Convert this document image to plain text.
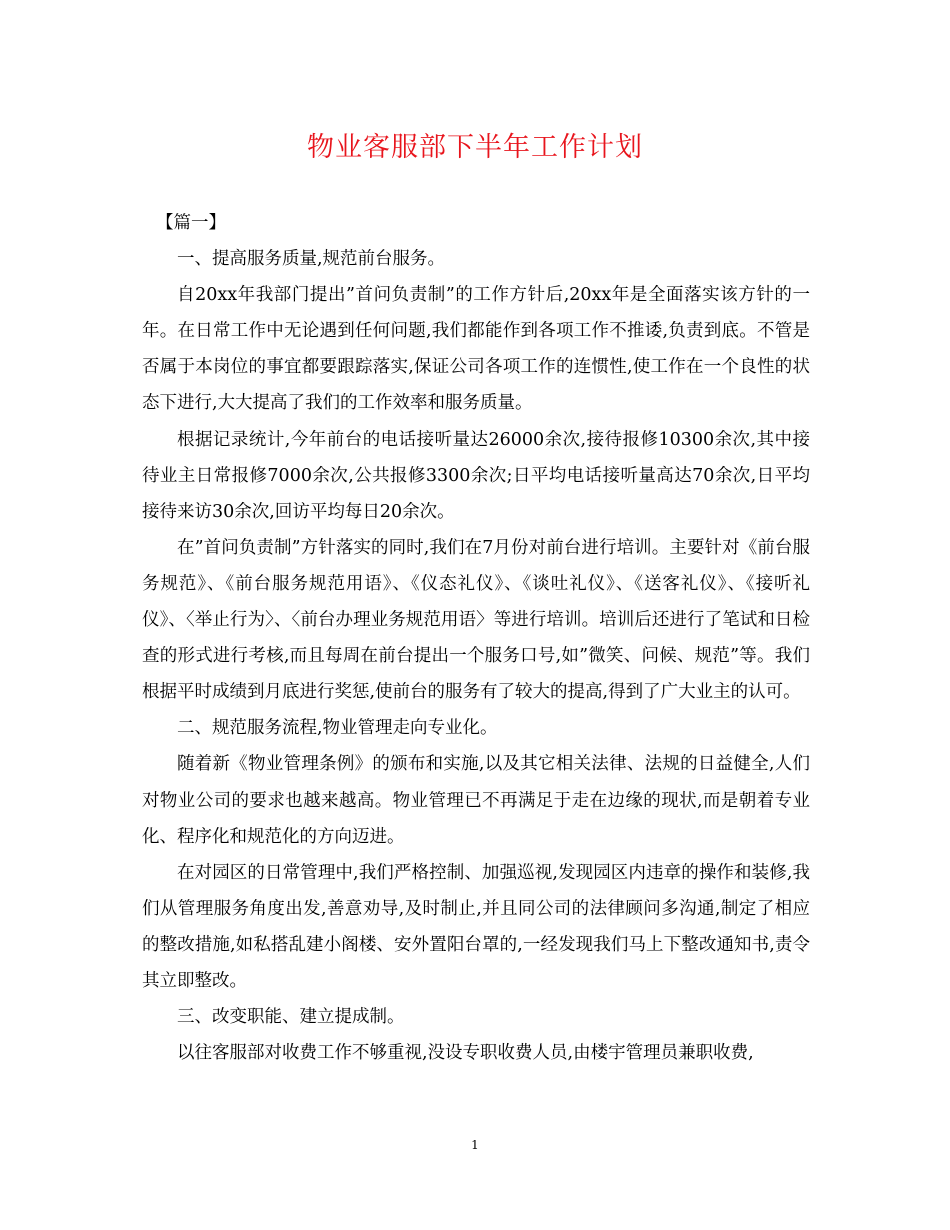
物业客服部下半年工作计划

【篇一】

一、提高服务质量,规范前台服务。

自20xx年我部门提出”首问负责制”的工作方针后,20xx年是全面落实该方针的一年。在日常工作中无论遇到任何问题,我们都能作到各项工作不推诿,负责到底。不管是否属于本岗位的事宜都要跟踪落实,保证公司各项工作的连惯性,使工作在一个良性的状态下进行,大大提高了我们的工作效率和服务质量。

根据记录统计,今年前台的电话接听量达26000余次,接待报修10300余次,其中接待业主日常报修7000余次,公共报修3300余次;日平均电话接听量高达70余次,日平均接待来访30余次,回访平均每日20余次。

在”首问负责制”方针落实的同时,我们在7月份对前台进行培训。主要针对《前台服务规范》、《前台服务规范用语》、《仪态礼仪》、《谈吐礼仪》、《送客礼仪》、《接听礼仪》、〈举止行为〉、〈前台办理业务规范用语〉等进行培训。培训后还进行了笔试和日检查的形式进行考核,而且每周在前台提出一个服务口号,如”微笑、问候、规范”等。我们根据平时成绩到月底进行奖惩,使前台的服务有了较大的提高,得到了广大业主的认可。

二、规范服务流程,物业管理走向专业化。

随着新《物业管理条例》的颁布和实施,以及其它相关法律、法规的日益健全,人们对物业公司的要求也越来越高。物业管理已不再满足于走在边缘的现状,而是朝着专业化、程序化和规范化的方向迈进。

在对园区的日常管理中,我们严格控制、加强巡视,发现园区内违章的操作和装修,我们从管理服务角度出发,善意劝导,及时制止,并且同公司的法律顾问多沟通,制定了相应的整改措施,如私搭乱建小阁楼、安外置阳台罩的,一经发现我们马上下整改通知书,责令其立即整改。

三、改变职能、建立提成制。

以往客服部对收费工作不够重视,没设专职收费人员,由楼宇管理员兼职收费,

1
